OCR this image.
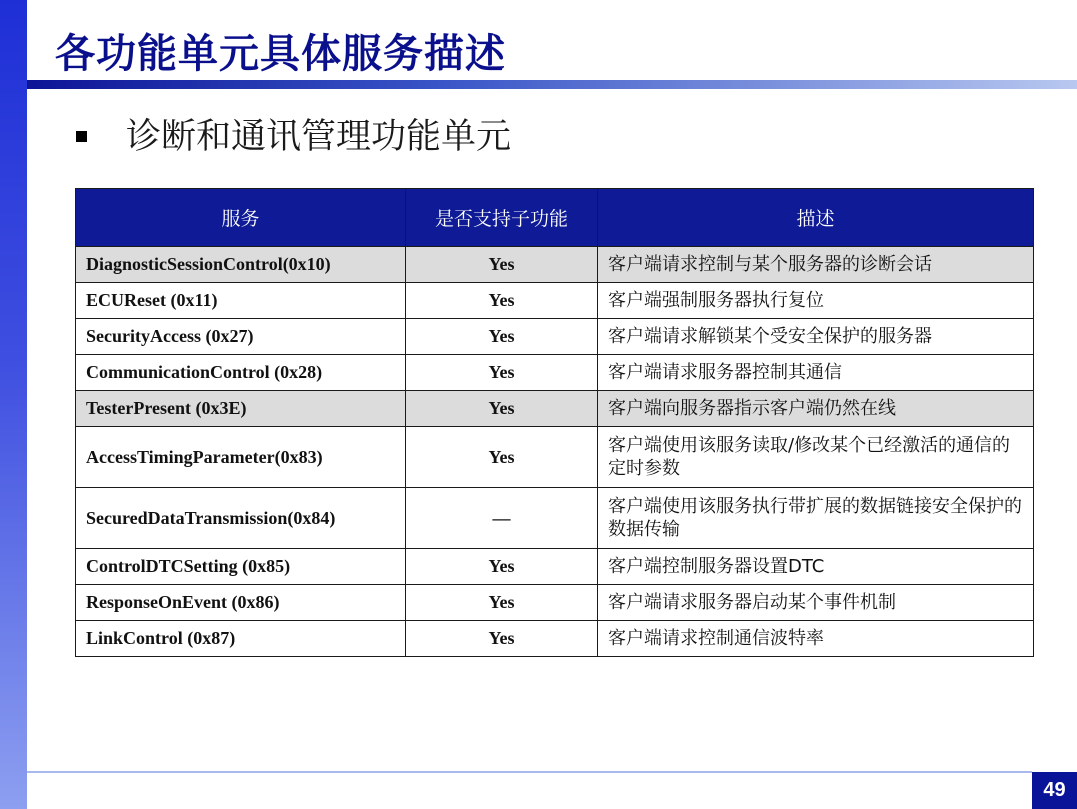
各功能单元具体服务描述
诊断和通讯管理功能单元
服务	是否支持子功能	描述
DiagnosticSessionControl(0x10)	Yes	客户端请求控制与某个服务器的诊断会话
ECUReset (0x11)	Yes	客户端强制服务器执行复位
SecurityAccess (0x27)	Yes	客户端请求解锁某个受安全保护的服务器
CommunicationControl (0x28)	Yes	客户端请求服务器控制其通信
TesterPresent (0x3E)	Yes	客户端向服务器指示客户端仍然在线
AccessTimingParameter(0x83)	Yes	客户端使用该服务读取/修改某个已经激活的通信的定时参数
SecuredDataTransmission(0x84)	—	客户端使用该服务执行带扩展的数据链接安全保护的数据传输
ControlDTCSetting (0x85)	Yes	客户端控制服务器设置DTC
ResponseOnEvent (0x86)	Yes	客户端请求服务器启动某个事件机制
LinkControl (0x87)	Yes	客户端请求控制通信波特率
49
